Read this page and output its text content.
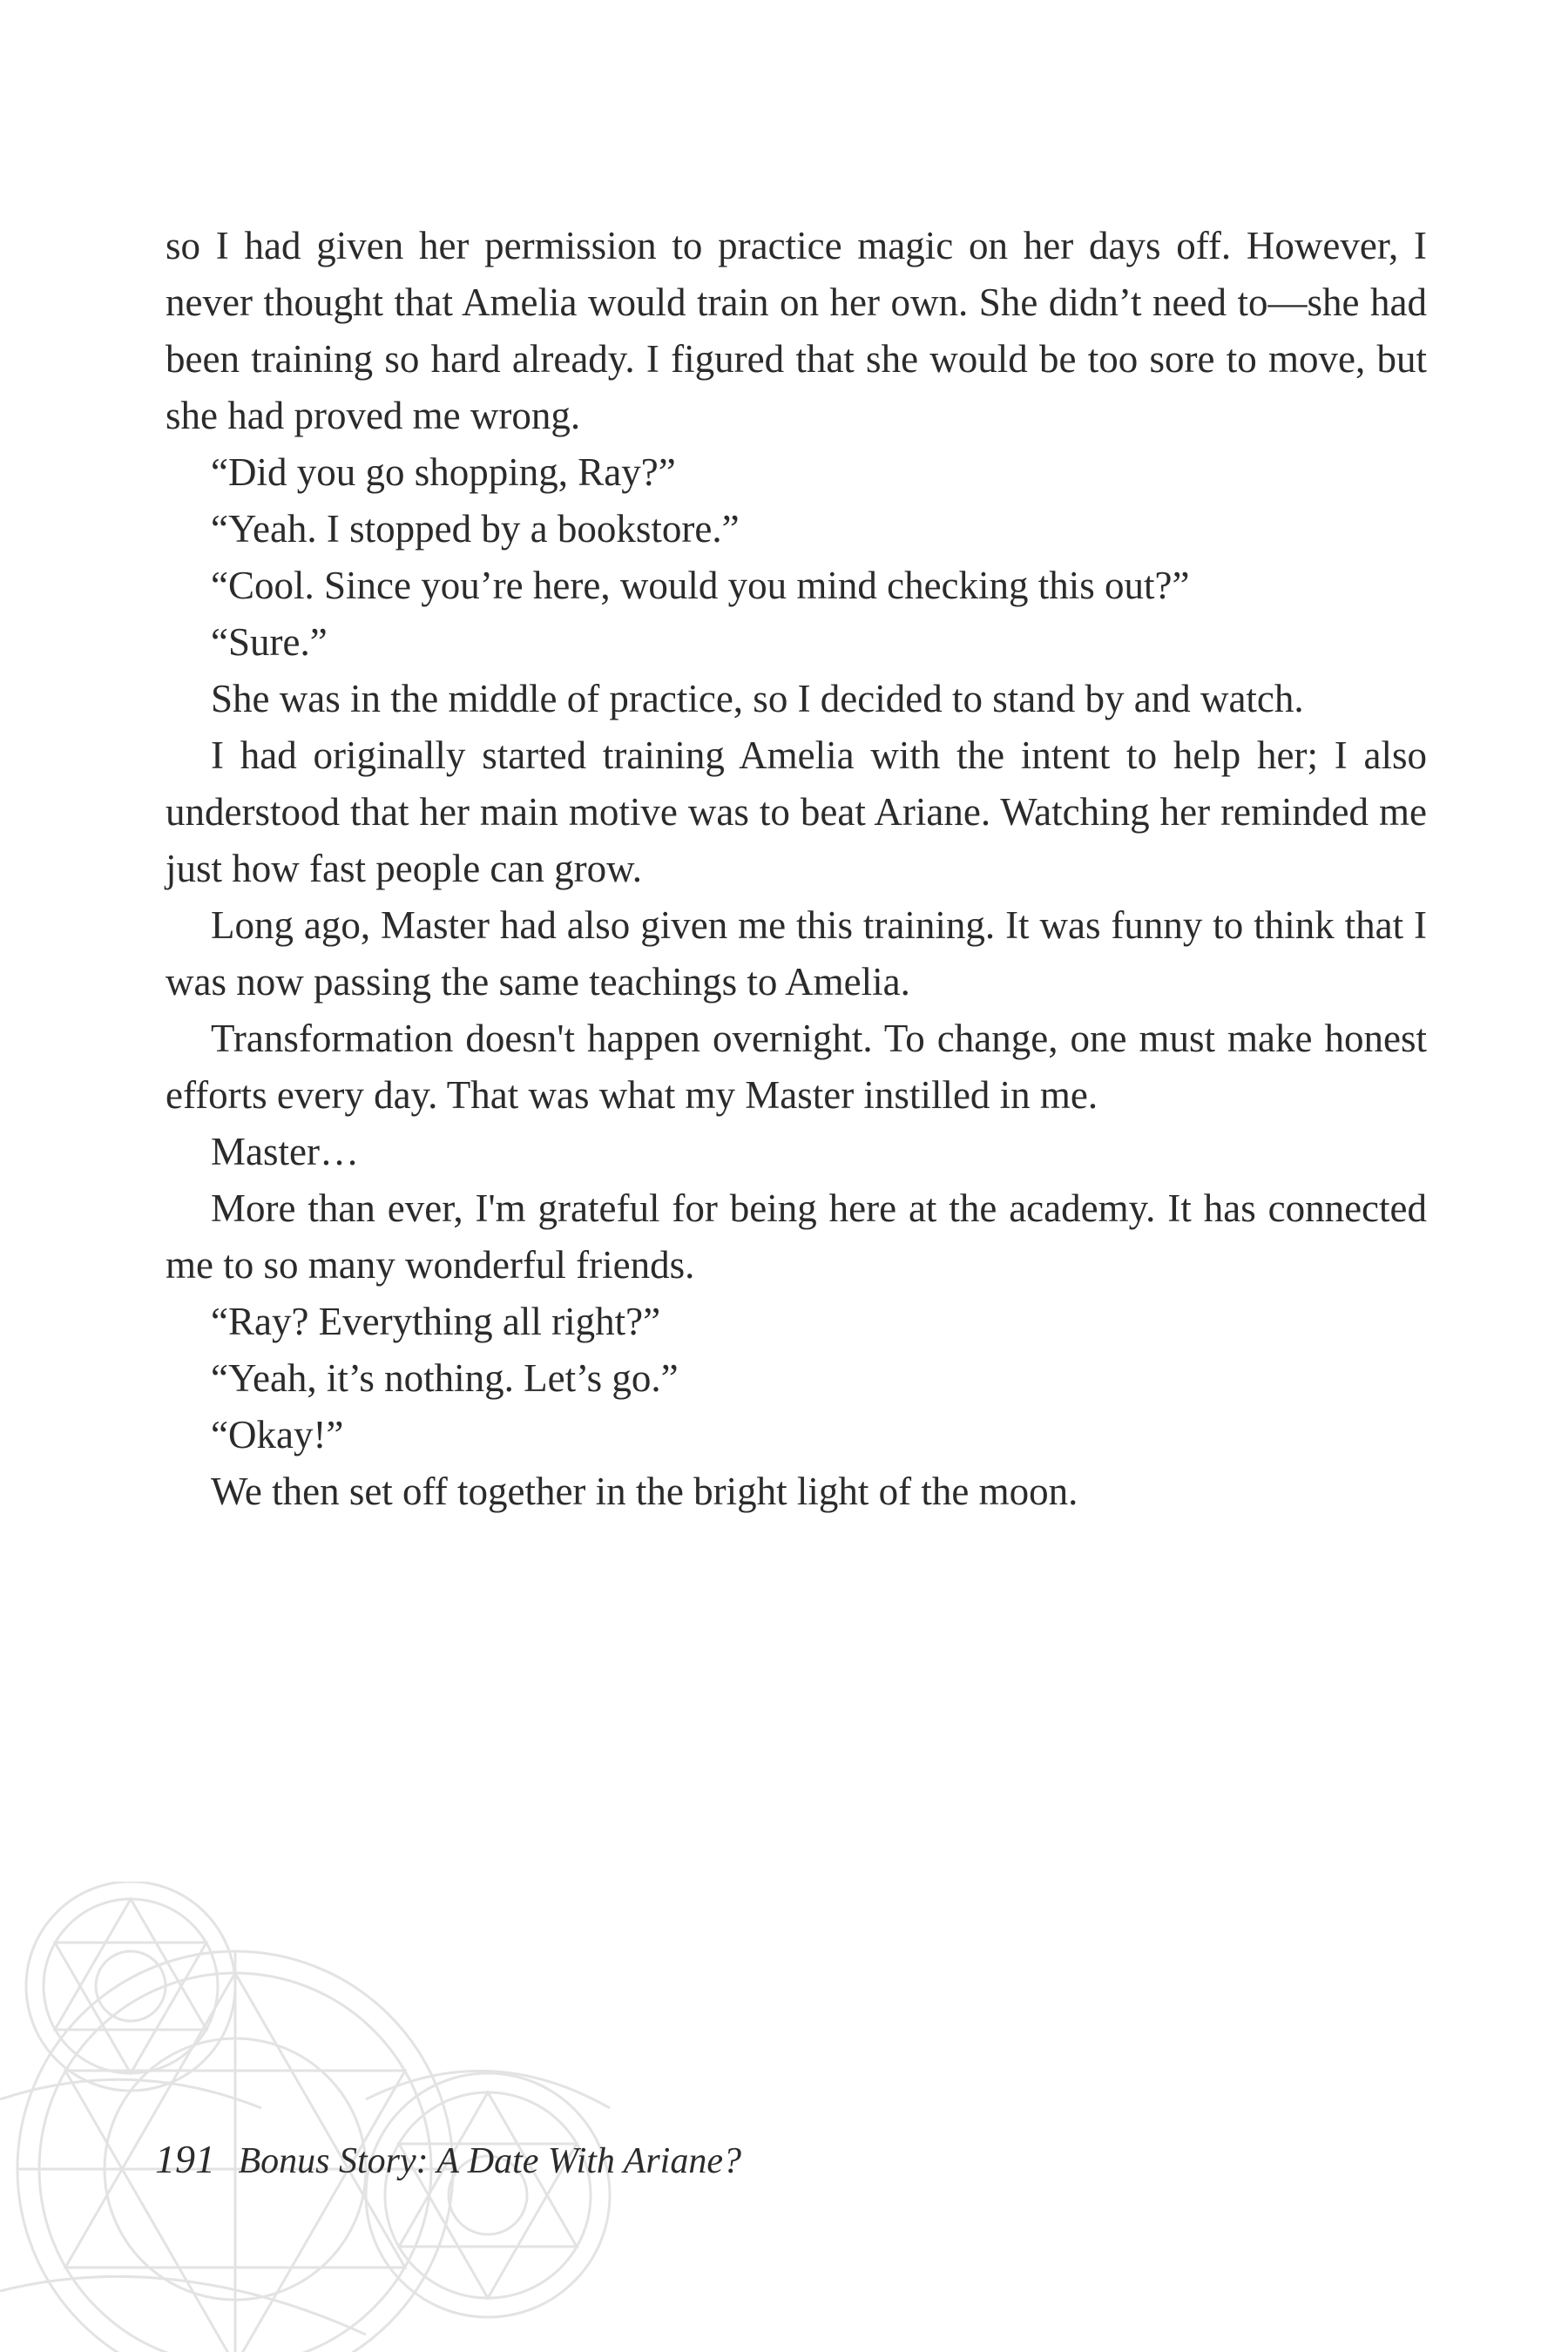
so I had given her permission to practice magic on her days off. However, I never thought that Amelia would train on her own. She didn’t need to—she had been training so hard already. I figured that she would be too sore to move, but she had proved me wrong.

“Did you go shopping, Ray?”

“Yeah. I stopped by a bookstore.”

“Cool. Since you’re here, would you mind checking this out?”

“Sure.”

She was in the middle of practice, so I decided to stand by and watch.

I had originally started training Amelia with the intent to help her; I also understood that her main motive was to beat Ariane. Watching her reminded me just how fast people can grow.

Long ago, Master had also given me this training. It was funny to think that I was now passing the same teachings to Amelia.

Transformation doesn't happen overnight. To change, one must make honest efforts every day. That was what my Master instilled in me.

Master…

More than ever, I'm grateful for being here at the academy. It has connected me to so many wonderful friends.

“Ray? Everything all right?”

“Yeah, it’s nothing. Let’s go.”

“Okay!”

We then set off together in the bright light of the moon.

191 Bonus Story: A Date With Ariane?
